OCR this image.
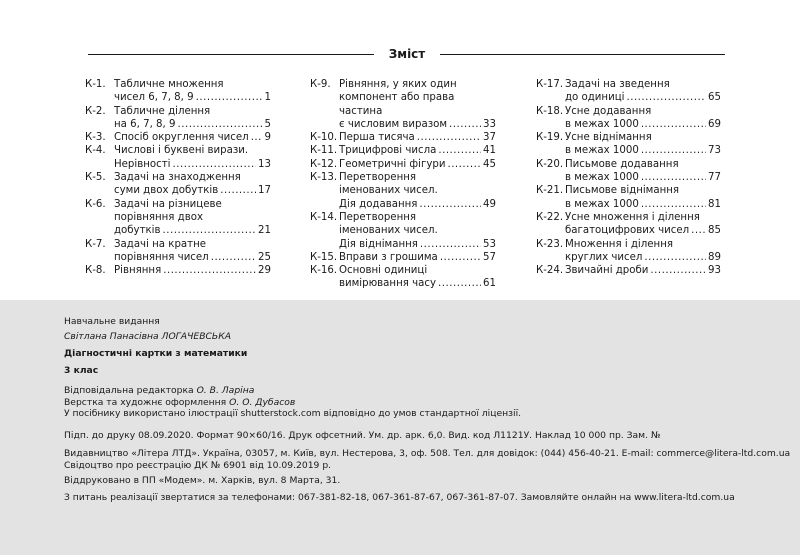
Зміст
К-1. Табличне множення
чисел 6, 7, 8, 9 .....	1
К-2. Табличне ділення
на 6, 7, 8, 9 .....	5
К-3. Спосіб округлення чисел ..... 9
К-4. Числові і буквені вирази.
Нерівності .....	13
К-5. Задачі на знаходження
суми двох добутків .....	17
К-6. Задачі на різницеве
порівняння двох
добутків .....	21
К-7. Задачі на кратне
порівняння чисел .....	25
К-8. Рівняння .....	29
К-9. Рівняння, у яких один
компонент або права частина
є числовим виразом .....	33
К-10. Перша тисяча .....	37
К-11. Трицифрові числа .....	41
К-12. Геометричні фігури .....	45
К-13. Перетворення
іменованих чисел.
Дія додавання .....	49
К-14. Перетворення
іменованих чисел.
Дія віднімання .....	53
К-15. Вправи з грошима .....	57
К-16. Основні одиниці
вимірювання часу .....	61
К-17. Задачі на зведення
до одиниці .....	65
К-18. Усне додавання
в межах 1000 .....	69
К-19. Усне віднімання
в межах 1000 .....	73
К-20. Письмове додавання
в межах 1000 .....	77
К-21. Письмове віднімання
в межах 1000 .....	81
К-22. Усне множення і ділення
багатоцифрових чисел ..... 85
К-23. Множення і ділення
круглих чисел .....	89
К-24. Звичайні дроби .....	93
Навчальне видання
Світлана Панасівна ЛОГАЧЕВСЬКА
Діагностичні картки з математики
3 клас
Відповідальна редакторка О. В. Ларіна
Верстка та художнє оформлення О. О. Дубасов
У посібнику використано ілюстрації shutterstock.com відповідно до умов стандартної ліцензії.
Підп. до друку 08.09.2020. Формат 90×60/16. Друк офсетний. Ум. др. арк. 6,0. Вид. код Л1121У. Наклад 10 000 пр. Зам. №
Видавництво «Літера ЛТД». Україна, 03057, м. Київ, вул. Нестерова, 3, оф. 508. Тел. для довідок: (044) 456-40-21. E-mail: commerce@litera-ltd.com.ua
Свідоцтво про реєстрацію ДК № 6901 від 10.09.2019 р.
Віддруковано в ПП «Модем». м. Харків, вул. 8 Марта, 31.
З питань реалізації звертатися за телефонами: 067-381-82-18, 067-361-87-67, 067-361-87-07. Замовляйте онлайн на www.litera-ltd.com.ua
